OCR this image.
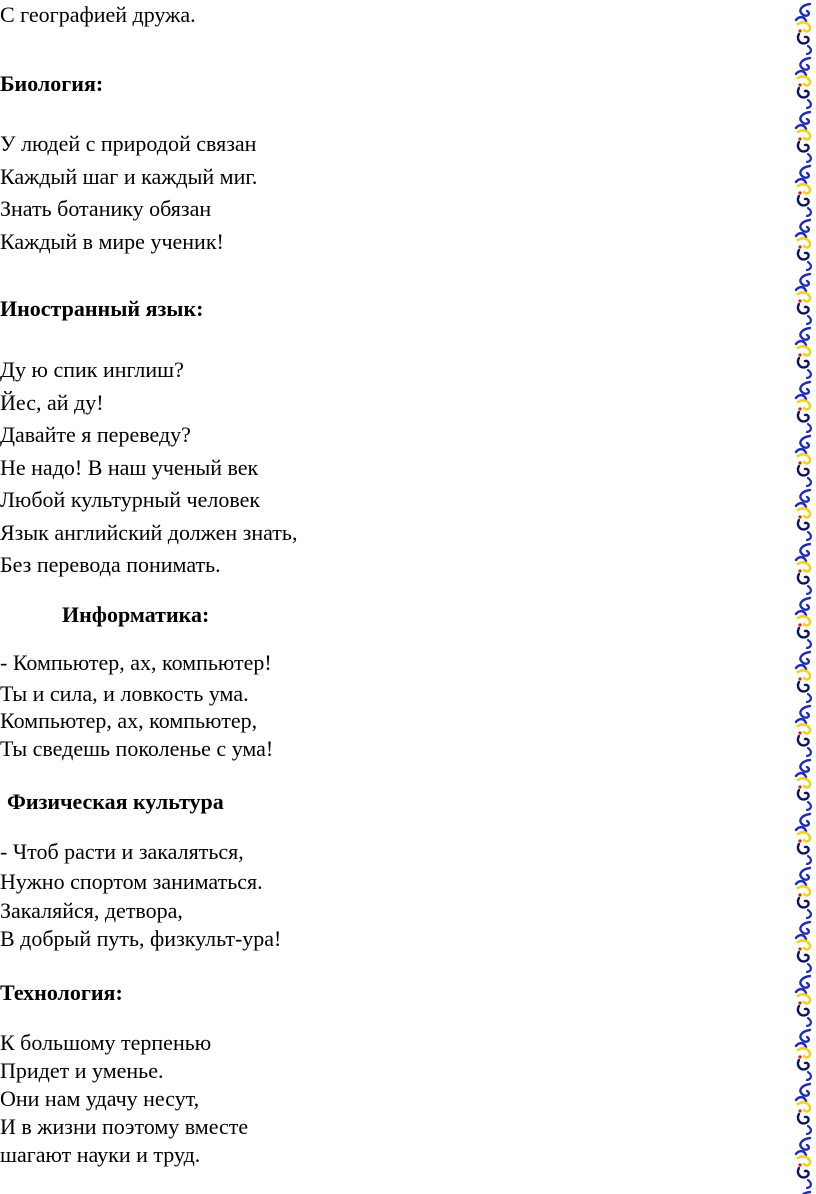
С географией дружа.

Биология:

У людей с природой связан

Каждый шаг и каждый миг.

Знать ботанику обязан

Каждый в мире ученик!

Иностранный язык:

Ду ю спик инглиш?

Йес, ай ду!

Давайте я переведу?

Не надо! В наш ученый век

Любой культурный человек

Язык английский должен знать,

Без перевода понимать.

Информатика:

- Компьютер, ах, компьютер!

Ты и сила, и ловкость ума.

Компьютер, ах, компьютер,

Ты сведешь поколенье с ума!

Физическая культура

- Чтоб расти и закаляться,

Нужно спортом заниматься.

Закаляйся, детвора,

В добрый путь, физкульт-ура!

Технология:

К большому терпенью

Придет и уменье.

Они нам удачу несут,

И в жизни поэтому вместе

шагают науки и труд.
